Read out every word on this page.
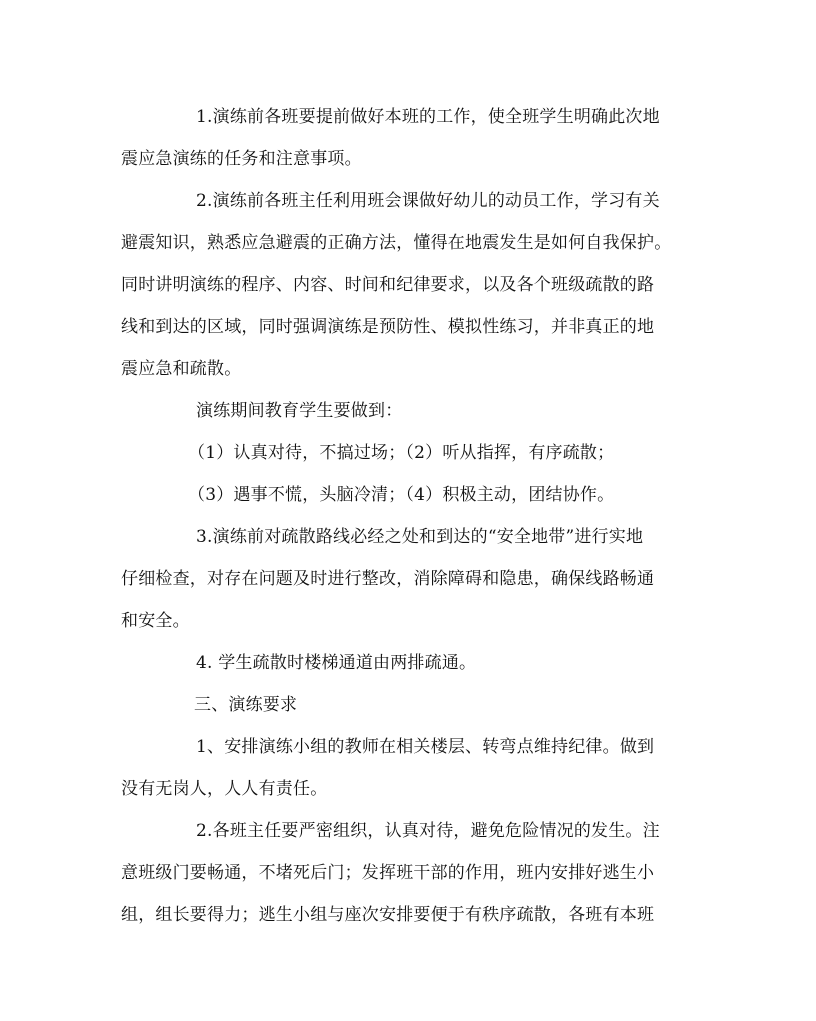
1.演练前各班要提前做好本班的工作，使全班学生明确此次地
震应急演练的任务和注意事项。
2.演练前各班主任利用班会课做好幼儿的动员工作，学习有关
避震知识，熟悉应急避震的正确方法，懂得在地震发生是如何自我保护。
同时讲明演练的程序、内容、时间和纪律要求，以及各个班级疏散的路
线和到达的区域，同时强调演练是预防性、模拟性练习，并非真正的地
震应急和疏散。
演练期间教育学生要做到：
（1）认真对待，不搞过场；（2）听从指挥，有序疏散；
（3）遇事不慌，头脑冷清；（4）积极主动，团结协作。
3.演练前对疏散路线必经之处和到达的“安全地带”进行实地
仔细检查，对存在问题及时进行整改，消除障碍和隐患，确保线路畅通
和安全。
4. 学生疏散时楼梯通道由两排疏通。
三、演练要求
1、安排演练小组的教师在相关楼层、转弯点维持纪律。做到
没有无岗人，人人有责任。
2.各班主任要严密组织，认真对待，避免危险情况的发生。注
意班级门要畅通，不堵死后门；发挥班干部的作用，班内安排好逃生小
组，组长要得力；逃生小组与座次安排要便于有秩序疏散，各班有本班
